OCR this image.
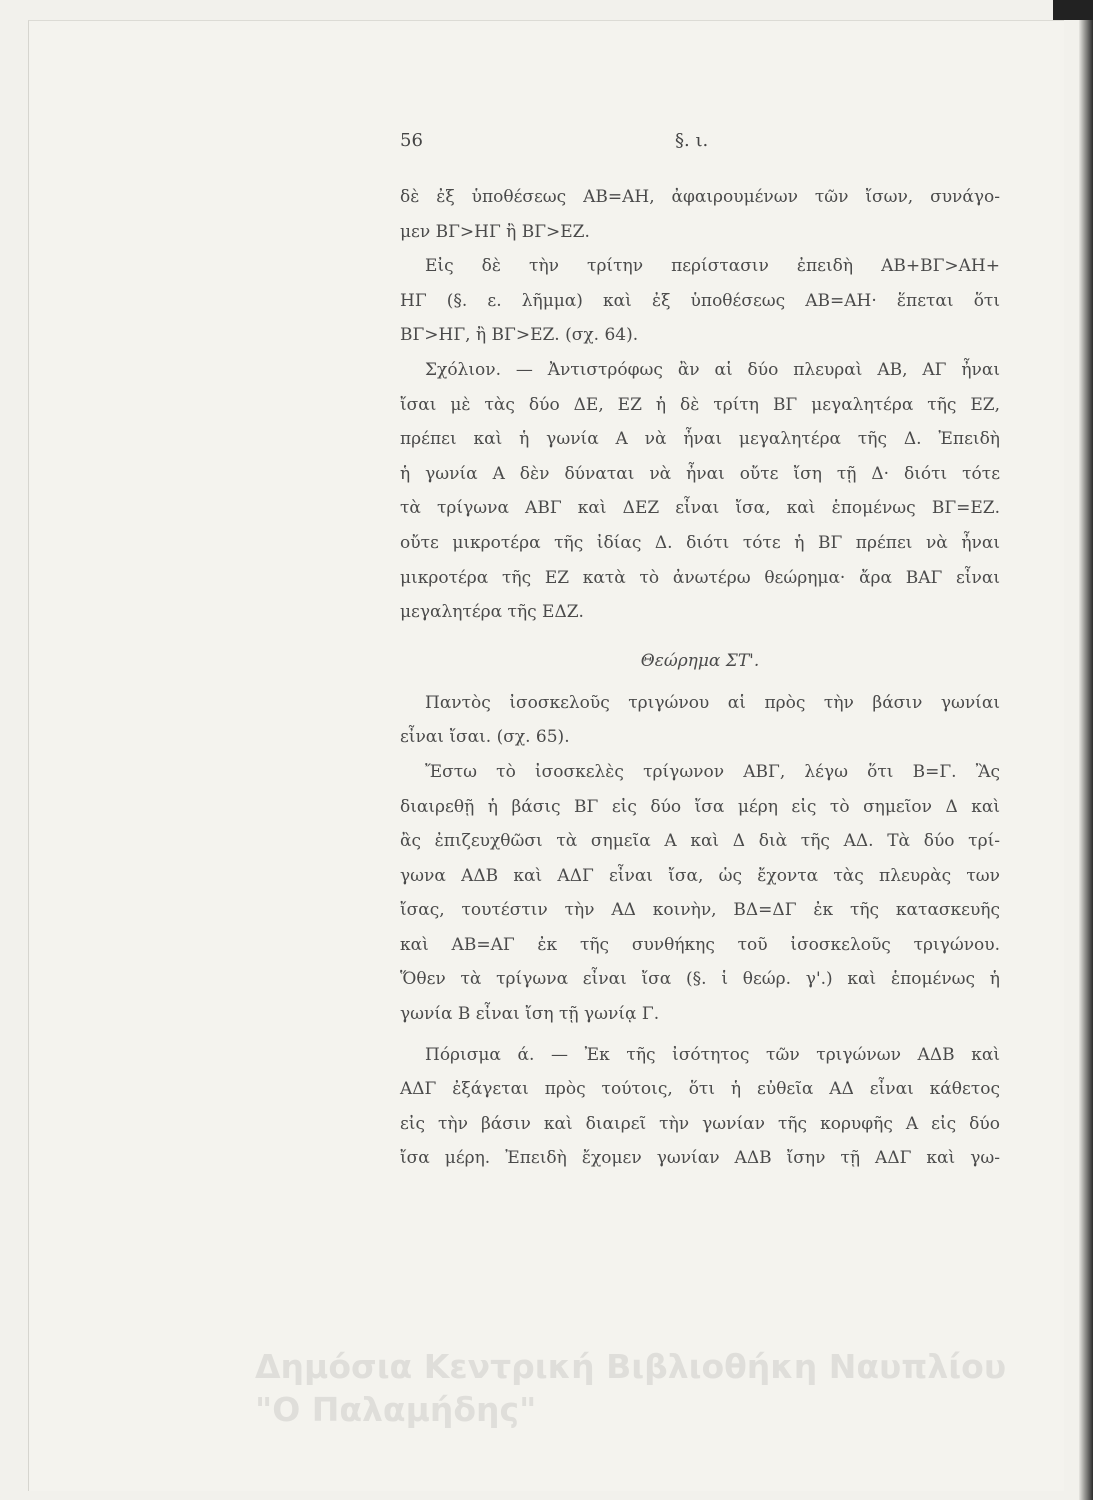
56	§. ι.
δὲ ἐξ ὑποθέσεως ΑΒ=ΑΗ, ἀφαιρουμένων τῶν ἴσων, συνάγο-
μεν ΒΓ>ΗΓ ἢ ΒΓ>ΕΖ.
Εἰς δὲ τὴν τρίτην περίστασιν ἐπειδὴ ΑΒ+ΒΓ>ΑΗ+
ΗΓ (§. ε. λῆμμα) καὶ ἐξ ὑποθέσεως ΑΒ=ΑΗ· ἕπεται ὅτι
ΒΓ>ΗΓ, ἢ ΒΓ>ΕΖ. (σχ. 64).
Σχόλιον. — Ἀντιστρόφως ἂν αἱ δύο πλευραὶ ΑΒ, ΑΓ ἦναι
ἴσαι μὲ τὰς δύο ΔΕ, ΕΖ ἡ δὲ τρίτη ΒΓ μεγαλητέρα τῆς ΕΖ,
πρέπει καὶ ἡ γωνία Α νὰ ἦναι μεγαλητέρα τῆς Δ. Ἐπειδὴ
ἡ γωνία Α δὲν δύναται νὰ ἦναι οὔτε ἴση τῇ Δ· διότι τότε
τὰ τρίγωνα ΑΒΓ καὶ ΔΕΖ εἶναι ἴσα, καὶ ἑπομένως ΒΓ=ΕΖ.
οὔτε μικροτέρα τῆς ἰδίας Δ. διότι τότε ἡ ΒΓ πρέπει νὰ ἦναι
μικροτέρα τῆς ΕΖ κατὰ τὸ ἀνωτέρω θεώρημα· ἄρα ΒΑΓ εἶναι
μεγαλητέρα τῆς ΕΔΖ.
Θεώρημα ΣΤ'.
Παντὸς ἰσοσκελοῦς τριγώνου αἱ πρὸς τὴν βάσιν γωνίαι
εἶναι ἴσαι. (σχ. 65).
Ἔστω τὸ ἰσοσκελὲς τρίγωνον ΑΒΓ, λέγω ὅτι Β=Γ. Ἂς
διαιρεθῇ ἡ βάσις ΒΓ εἰς δύο ἴσα μέρη εἰς τὸ σημεῖον Δ καὶ
ἂς ἐπιζευχθῶσι τὰ σημεῖα Α καὶ Δ διὰ τῆς ΑΔ. Τὰ δύο τρί-
γωνα ΑΔΒ καὶ ΑΔΓ εἶναι ἴσα, ὡς ἔχοντα τὰς πλευρὰς των
ἴσας, τουτέστιν τὴν ΑΔ κοινὴν, ΒΔ=ΔΓ ἐκ τῆς κατασκευῆς
καὶ ΑΒ=ΑΓ ἐκ τῆς συνθήκης τοῦ ἰσοσκελοῦς τριγώνου.
Ὅθεν τὰ τρίγωνα εἶναι ἴσα (§. ἱ θεώρ. γ'.) καὶ ἑπομένως ἡ
γωνία Β εἶναι ἴση τῇ γωνίᾳ Γ.
Πόρισμα ά. — Ἐκ τῆς ἰσότητος τῶν τριγώνων ΑΔΒ καὶ
ΑΔΓ ἐξάγεται πρὸς τούτοις, ὅτι ἡ εὐθεῖα ΑΔ εἶναι κάθετος
εἰς τὴν βάσιν καὶ διαιρεῖ τὴν γωνίαν τῆς κορυφῆς Α εἰς δύο
ἴσα μέρη. Ἐπειδὴ ἔχομεν γωνίαν ΑΔΒ ἴσην τῇ ΑΔΓ καὶ γω-
Δημόσια Κεντρική Βιβλιοθήκη Ναυπλίου
"Ο Παλαμήδης"
